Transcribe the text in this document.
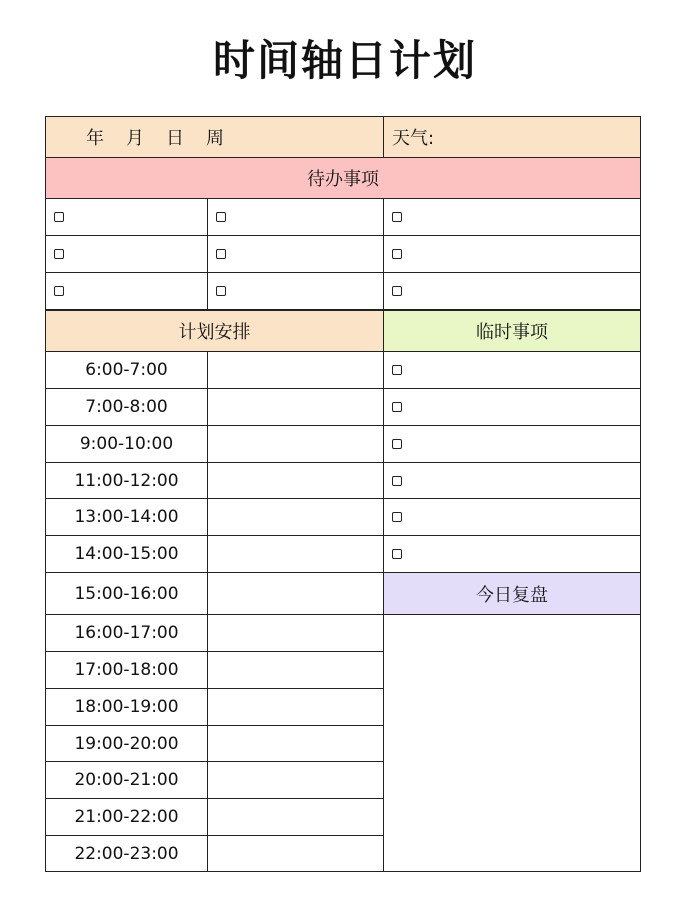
时间轴日计划
年 月 日 周	天气:
待办事项
计划安排	临时事项
今日复盘
6:00-7:00
7:00-8:00
9:00-10:00
11:00-12:00
13:00-14:00
14:00-15:00
15:00-16:00
16:00-17:00
17:00-18:00
18:00-19:00
19:00-20:00
20:00-21:00
21:00-22:00
22:00-23:00
